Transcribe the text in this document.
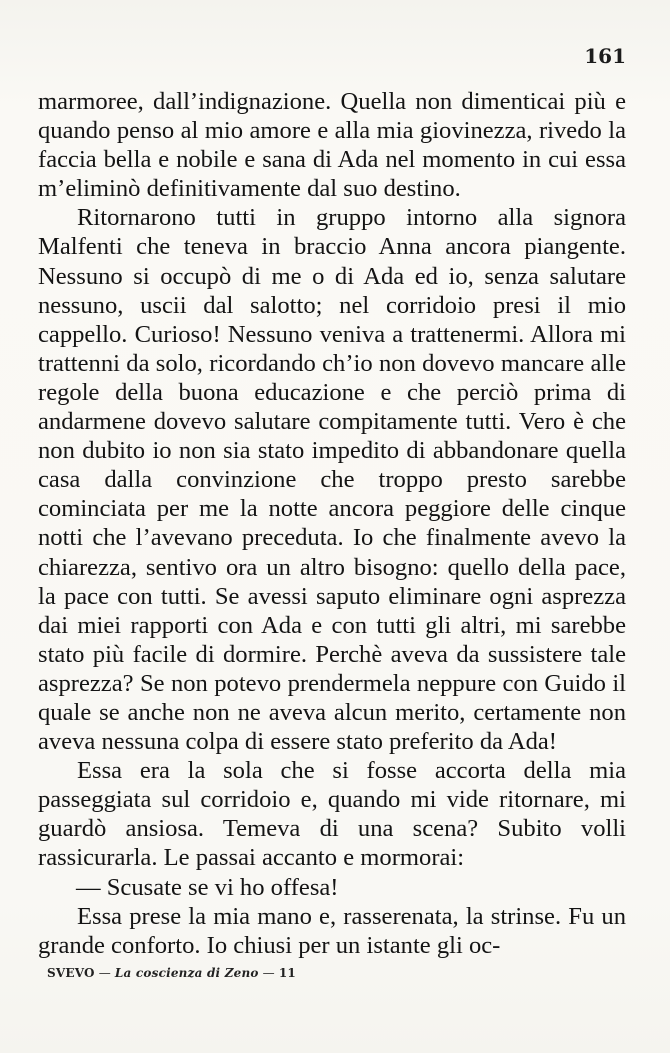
161

marmoree, dall’indignazione. Quella non dimenticai più e quando penso al mio amore e alla mia giovinezza, rivedo la faccia bella e nobile e sana di Ada nel momento in cui essa m’eliminò definitivamente dal suo destino.

Ritornarono tutti in gruppo intorno alla signora Malfenti che teneva in braccio Anna ancora piangente. Nessuno si occupò di me o di Ada ed io, senza salutare nessuno, uscii dal salotto; nel corridoio presi il mio cappello. Curioso! Nessuno veniva a trattenermi. Allora mi trattenni da solo, ricordando ch’io non dovevo mancare alle regole della buona educazione e che perciò prima di andarmene dovevo salutare compitamente tutti. Vero è che non dubito io non sia stato impedito di abbandonare quella casa dalla convinzione che troppo presto sarebbe cominciata per me la notte ancora peggiore delle cinque notti che l’avevano preceduta. Io che finalmente avevo la chiarezza, sentivo ora un altro bisogno: quello della pace, la pace con tutti. Se avessi saputo eliminare ogni asprezza dai miei rapporti con Ada e con tutti gli altri, mi sarebbe stato più facile di dormire. Perchè aveva da sussistere tale asprezza? Se non potevo prendermela neppure con Guido il quale se anche non ne aveva alcun merito, certamente non aveva nessuna colpa di essere stato preferito da Ada!

Essa era la sola che si fosse accorta della mia passeggiata sul corridoio e, quando mi vide ritornare, mi guardò ansiosa. Temeva di una scena? Subito volli rassicurarla. Le passai accanto e mormorai:

— Scusate se vi ho offesa!

Essa prese la mia mano e, rasserenata, la strinse. Fu un grande conforto. Io chiusi per un istante gli oc-

SVEVO — La coscienza di Zeno — 11
